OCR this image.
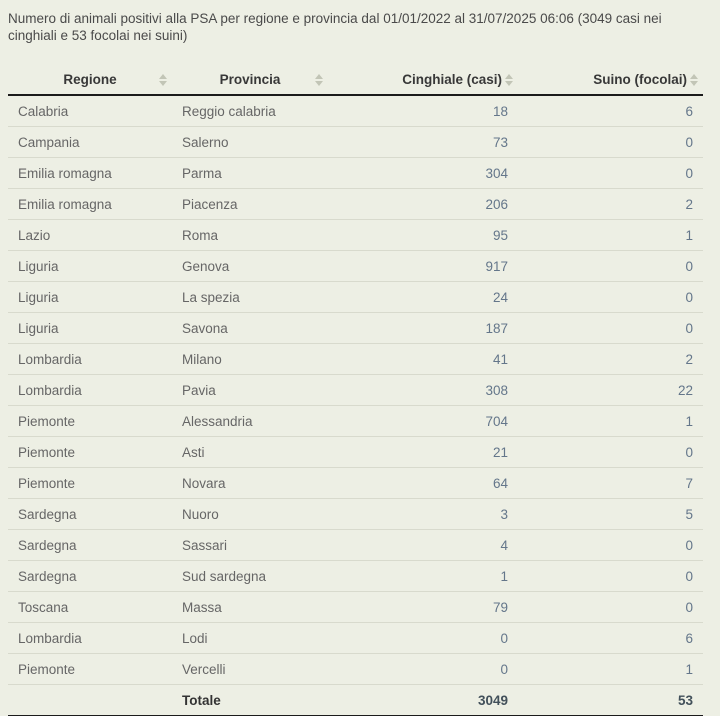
Numero di animali positivi alla PSA per regione e provincia dal 01/01/2022 al 31/07/2025 06:06 (3049 casi nei cinghiali e 53 focolai nei suini)
Regione	Provincia	Cinghiale (casi)	Suino (focolai)

Calabria	Reggio calabria	18	6
Campania	Salerno	73	0
Emilia romagna	Parma	304	0
Emilia romagna	Piacenza	206	2
Lazio	Roma	95	1
Liguria	Genova	917	0
Liguria	La spezia	24	0
Liguria	Savona	187	0
Lombardia	Milano	41	2
Lombardia	Pavia	308	22
Piemonte	Alessandria	704	1
Piemonte	Asti	21	0
Piemonte	Novara	64	7
Sardegna	Nuoro	3	5
Sardegna	Sassari	4	0
Sardegna	Sud sardegna	1	0
Toscana	Massa	79	0
Lombardia	Lodi	0	6
Piemonte	Vercelli	0	1
	Totale	3049	53
